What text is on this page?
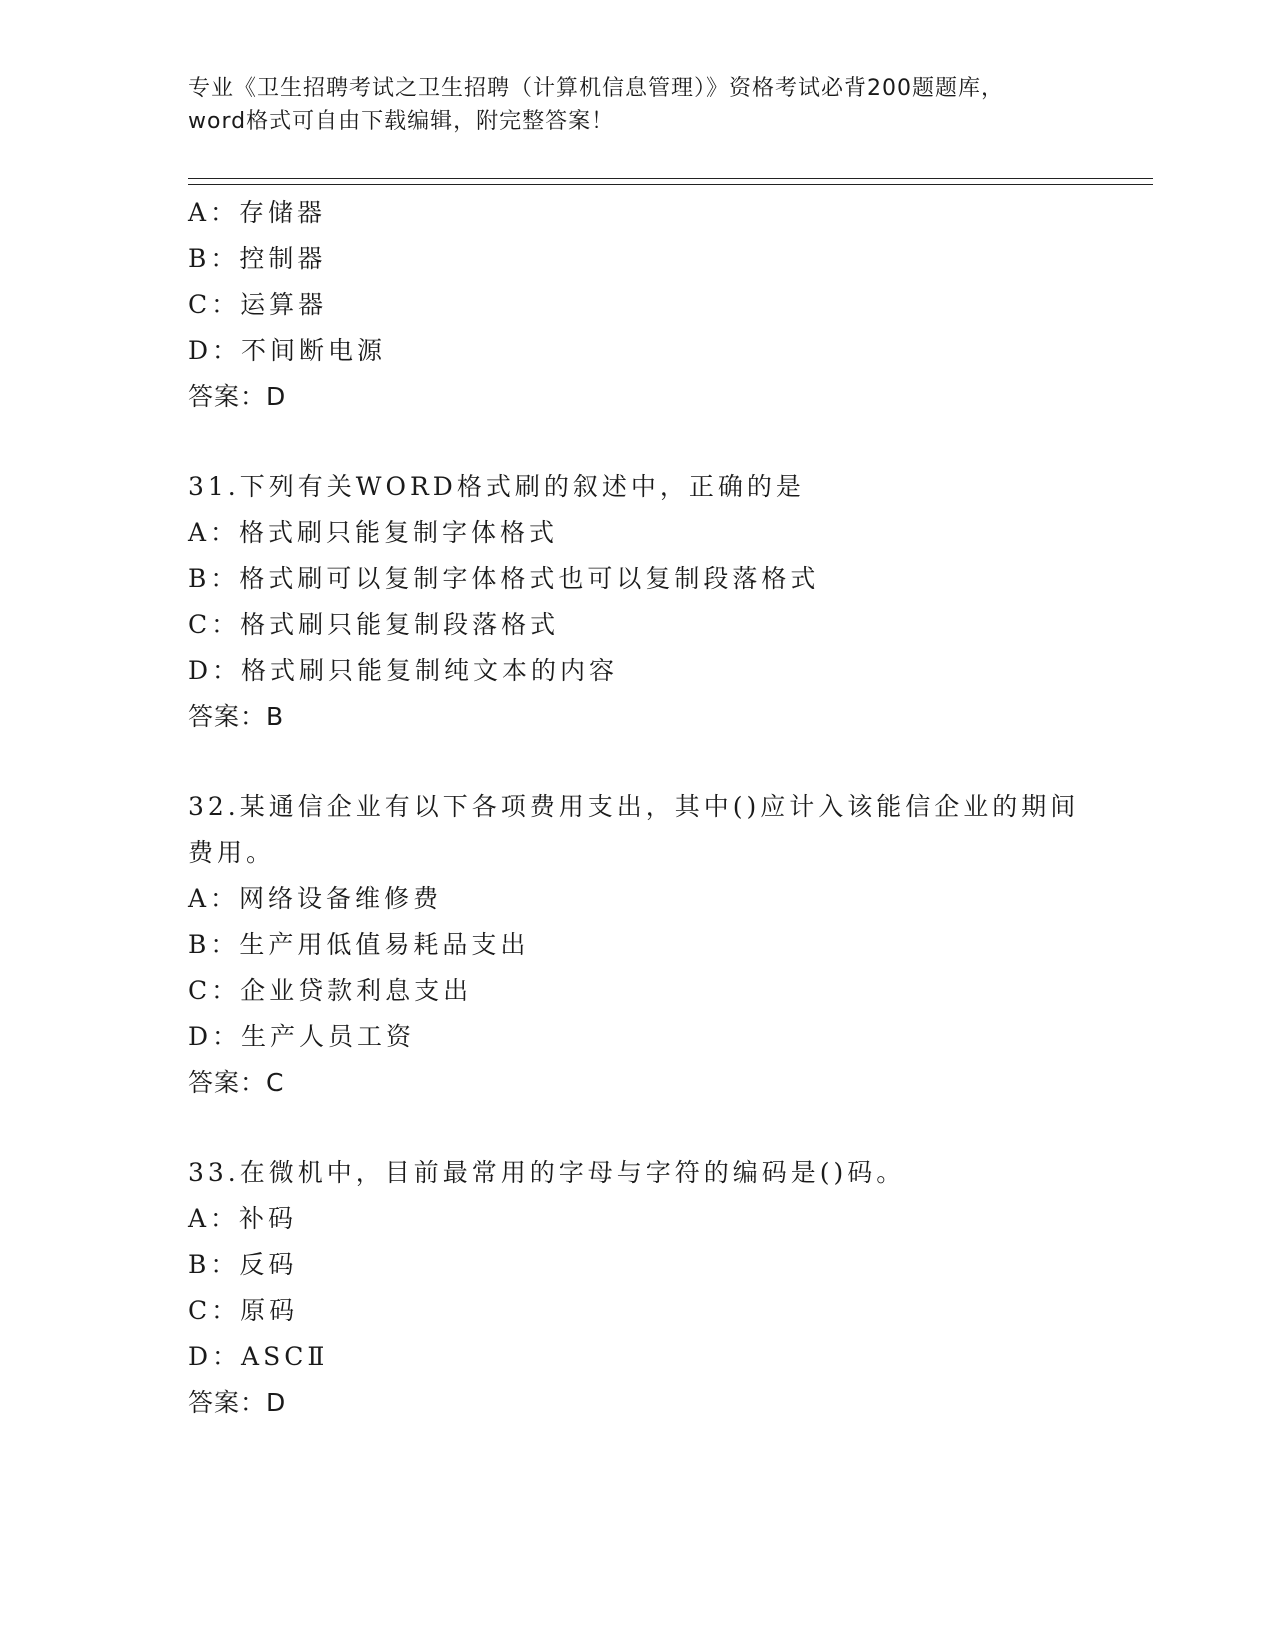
专业《卫生招聘考试之卫生招聘（计算机信息管理）》资格考试必背200题题库，
word格式可自由下载编辑，附完整答案！
A：存储器
B：控制器
C：运算器
D：不间断电源
答案：D
31.下列有关WORD格式刷的叙述中，正确的是
A：格式刷只能复制字体格式
B：格式刷可以复制字体格式也可以复制段落格式
C：格式刷只能复制段落格式
D：格式刷只能复制纯文本的内容
答案：B
32.某通信企业有以下各项费用支出，其中()应计入该能信企业的期间
费用。
A：网络设备维修费
B：生产用低值易耗品支出
C：企业贷款利息支出
D：生产人员工资
答案：C
33.在微机中，目前最常用的字母与字符的编码是()码。
A：补码
B：反码
C：原码
D：ASCⅡ
答案：D
